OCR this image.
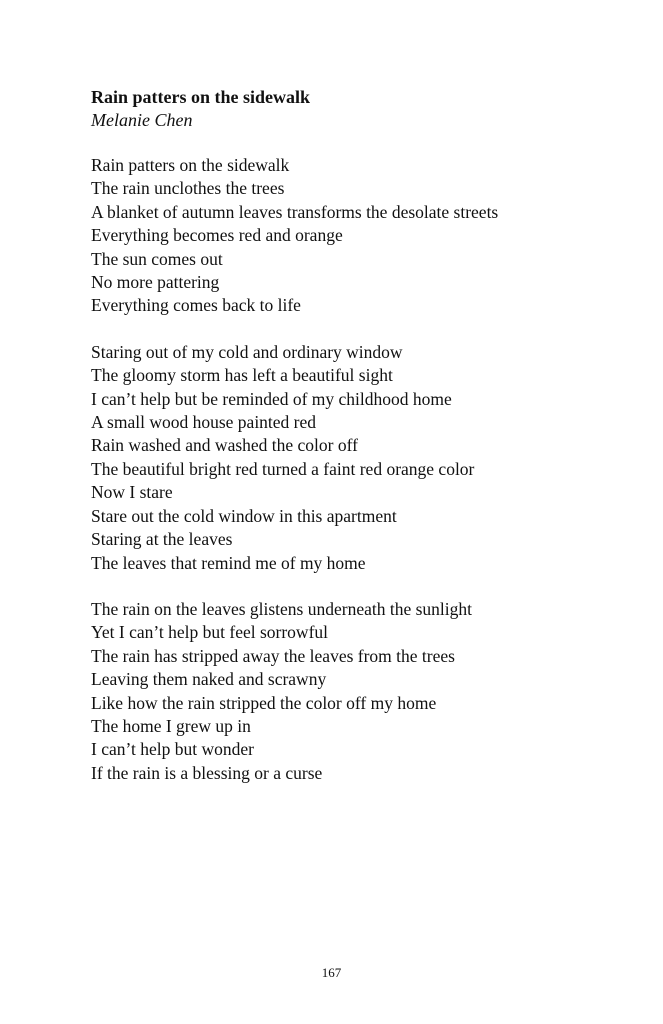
Rain patters on the sidewalk

Melanie Chen

Rain patters on the sidewalk
The rain unclothes the trees
A blanket of autumn leaves transforms the desolate streets
Everything becomes red and orange
The sun comes out
No more pattering
Everything comes back to life
Staring out of my cold and ordinary window
The gloomy storm has left a beautiful sight
I can’t help but be reminded of my childhood home
A small wood house painted red
Rain washed and washed the color off
The beautiful bright red turned a faint red orange color
Now I stare
Stare out the cold window in this apartment
Staring at the leaves
The leaves that remind me of my home
The rain on the leaves glistens underneath the sunlight
Yet I can’t help but feel sorrowful
The rain has stripped away the leaves from the trees
Leaving them naked and scrawny
Like how the rain stripped the color off my home
The home I grew up in
I can’t help but wonder
If the rain is a blessing or a curse
167
